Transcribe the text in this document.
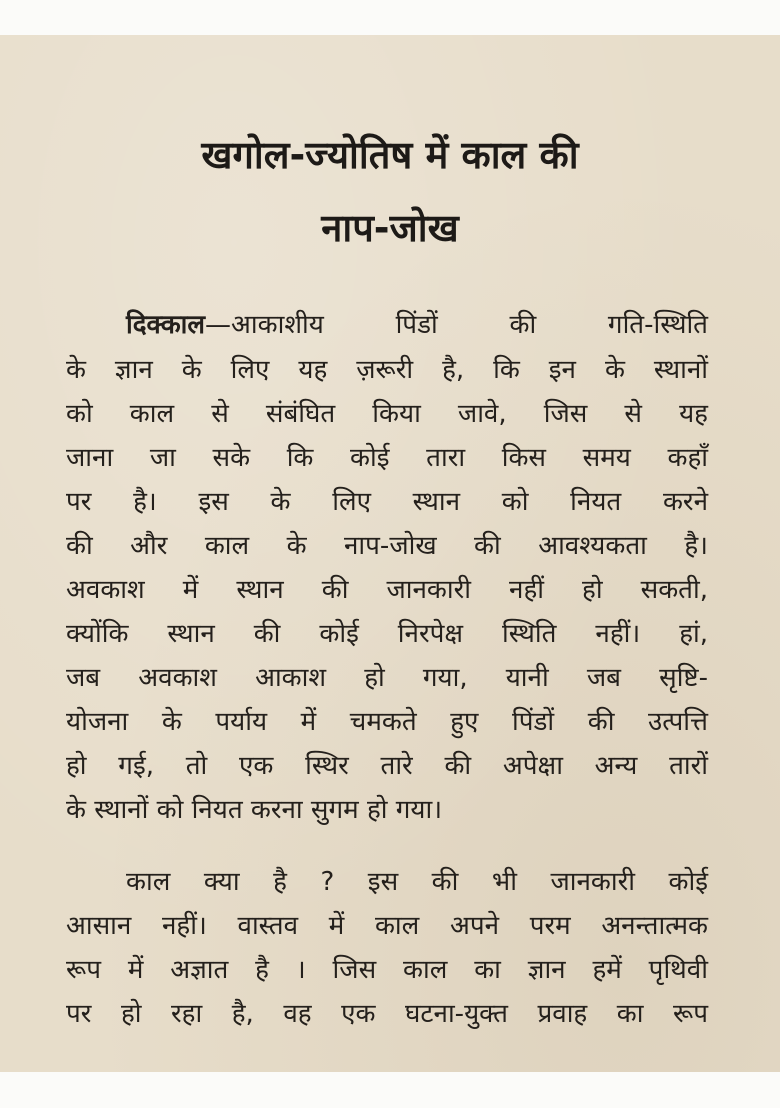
खगोल-ज्योतिष में काल की
नाप-जोख
दिक्काल—आकाशीय पिंडों की गति-स्थिति
के ज्ञान के लिए यह ज़रूरी है, कि इन के स्थानों
को काल से संबंघित किया जावे, जिस से यह
जाना जा सके कि कोई तारा किस समय कहाँ
पर है। इस के लिए स्थान को नियत करने
की और काल के नाप-जोख की आवश्यकता है।
अवकाश में स्थान की जानकारी नहीं हो सकती,
क्योंकि स्थान की कोई निरपेक्ष स्थिति नहीं। हां,
जब अवकाश आकाश हो गया, यानी जब सृष्टि-
योजना के पर्याय में चमकते हुए पिंडों की उत्पत्ति
हो गई, तो एक स्थिर तारे की अपेक्षा अन्य तारों
के स्थानों को नियत करना सुगम हो गया।
काल क्या है ? इस की भी जानकारी कोई
आसान नहीं। वास्तव में काल अपने परम अनन्तात्मक
रूप में अज्ञात है । जिस काल का ज्ञान हमें पृथिवी
पर हो रहा है, वह एक घटना-युक्त प्रवाह का रूप
